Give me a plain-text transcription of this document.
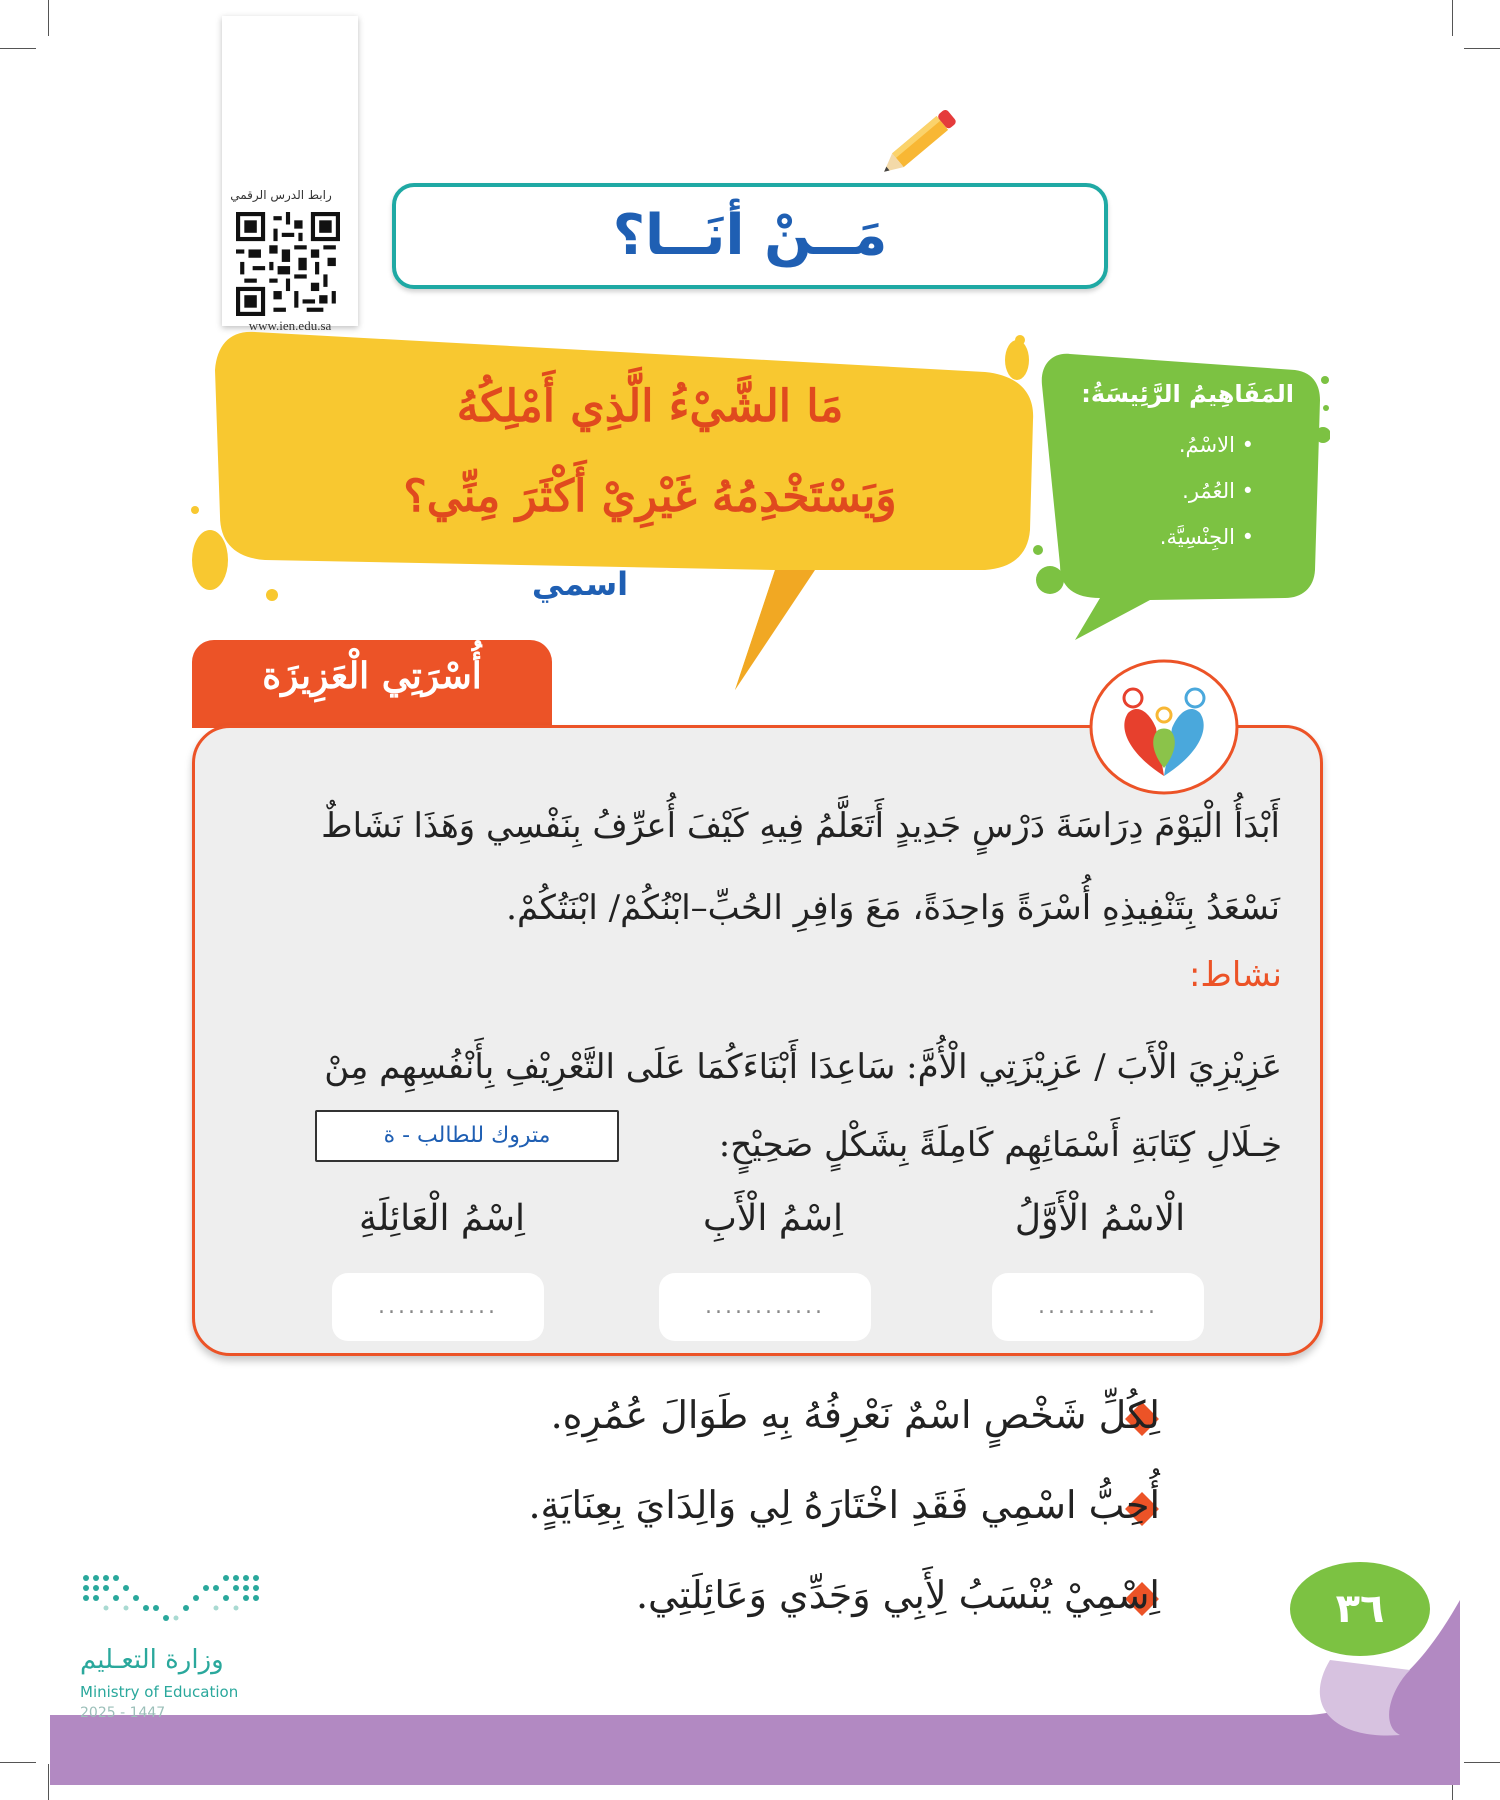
رابط الدرس الرقمي
www.ien.edu.sa
مَــنْ أنَــا؟
مَا الشَّيْءُ الَّذِي أَمْلِكُهُ
وَيَسْتَخْدِمُهُ غَيْرِيْ أَكْثَرَ مِنِّي؟
اسمي
المَفَاهِيمُ الرَّئِيسَةُ:
• الاسْمُ.
• العُمُر.
• الجِنْسِيَّة.
أُسْرَتِي الْعَزِيزَة
أَبْدَأُ الْيَوْمَ دِرَاسَةَ دَرْسٍ جَدِيدٍ أَتَعَلَّمُ فِيهِ كَيْفَ أُعرِّفُ بِنَفْسِي وَهَذَا نَشَاطٌ
نَسْعَدُ بِتَنْفِيذِهِ أُسْرَةً وَاحِدَةً، مَعَ وَافِرِ الحُبِّ–ابْنُكُمْ/ ابْنَتُكُمْ.
نشاط:
عَزِيْزِيَ الْأَبَ / عَزِيْزَتِي الْأُمَّ: سَاعِدَا أَبْنَاءَكُمَا عَلَى التَّعْرِيْفِ بِأَنْفُسِهِم مِنْ
خِـلَالِ كِتَابَةِ أَسْمَائِهِم كَامِلَةً بِشَكْلٍ صَحِيْحٍ:
متروك للطالب - ة
الْاسْمُ الْأَوَّلُ
اِسْمُ الْأَبِ
اِسْمُ الْعَائِلَةِ
............
............
............
لِكُلِّ شَخْصٍ اسْمٌ نَعْرِفُهُ بِهِ طَوَالَ عُمُرِهِ.
أُحِبُّ اسْمِي فَقَدِ اخْتَارَهُ لِي وَالِدَايَ بِعِنَايَةٍ.
اِسْمِيْ يُنْسَبُ لِأَبِي وَجَدِّي وَعَائِلَتِي.	٣٦
وزارة التعـليم
Ministry of Education
2025 - 1447
